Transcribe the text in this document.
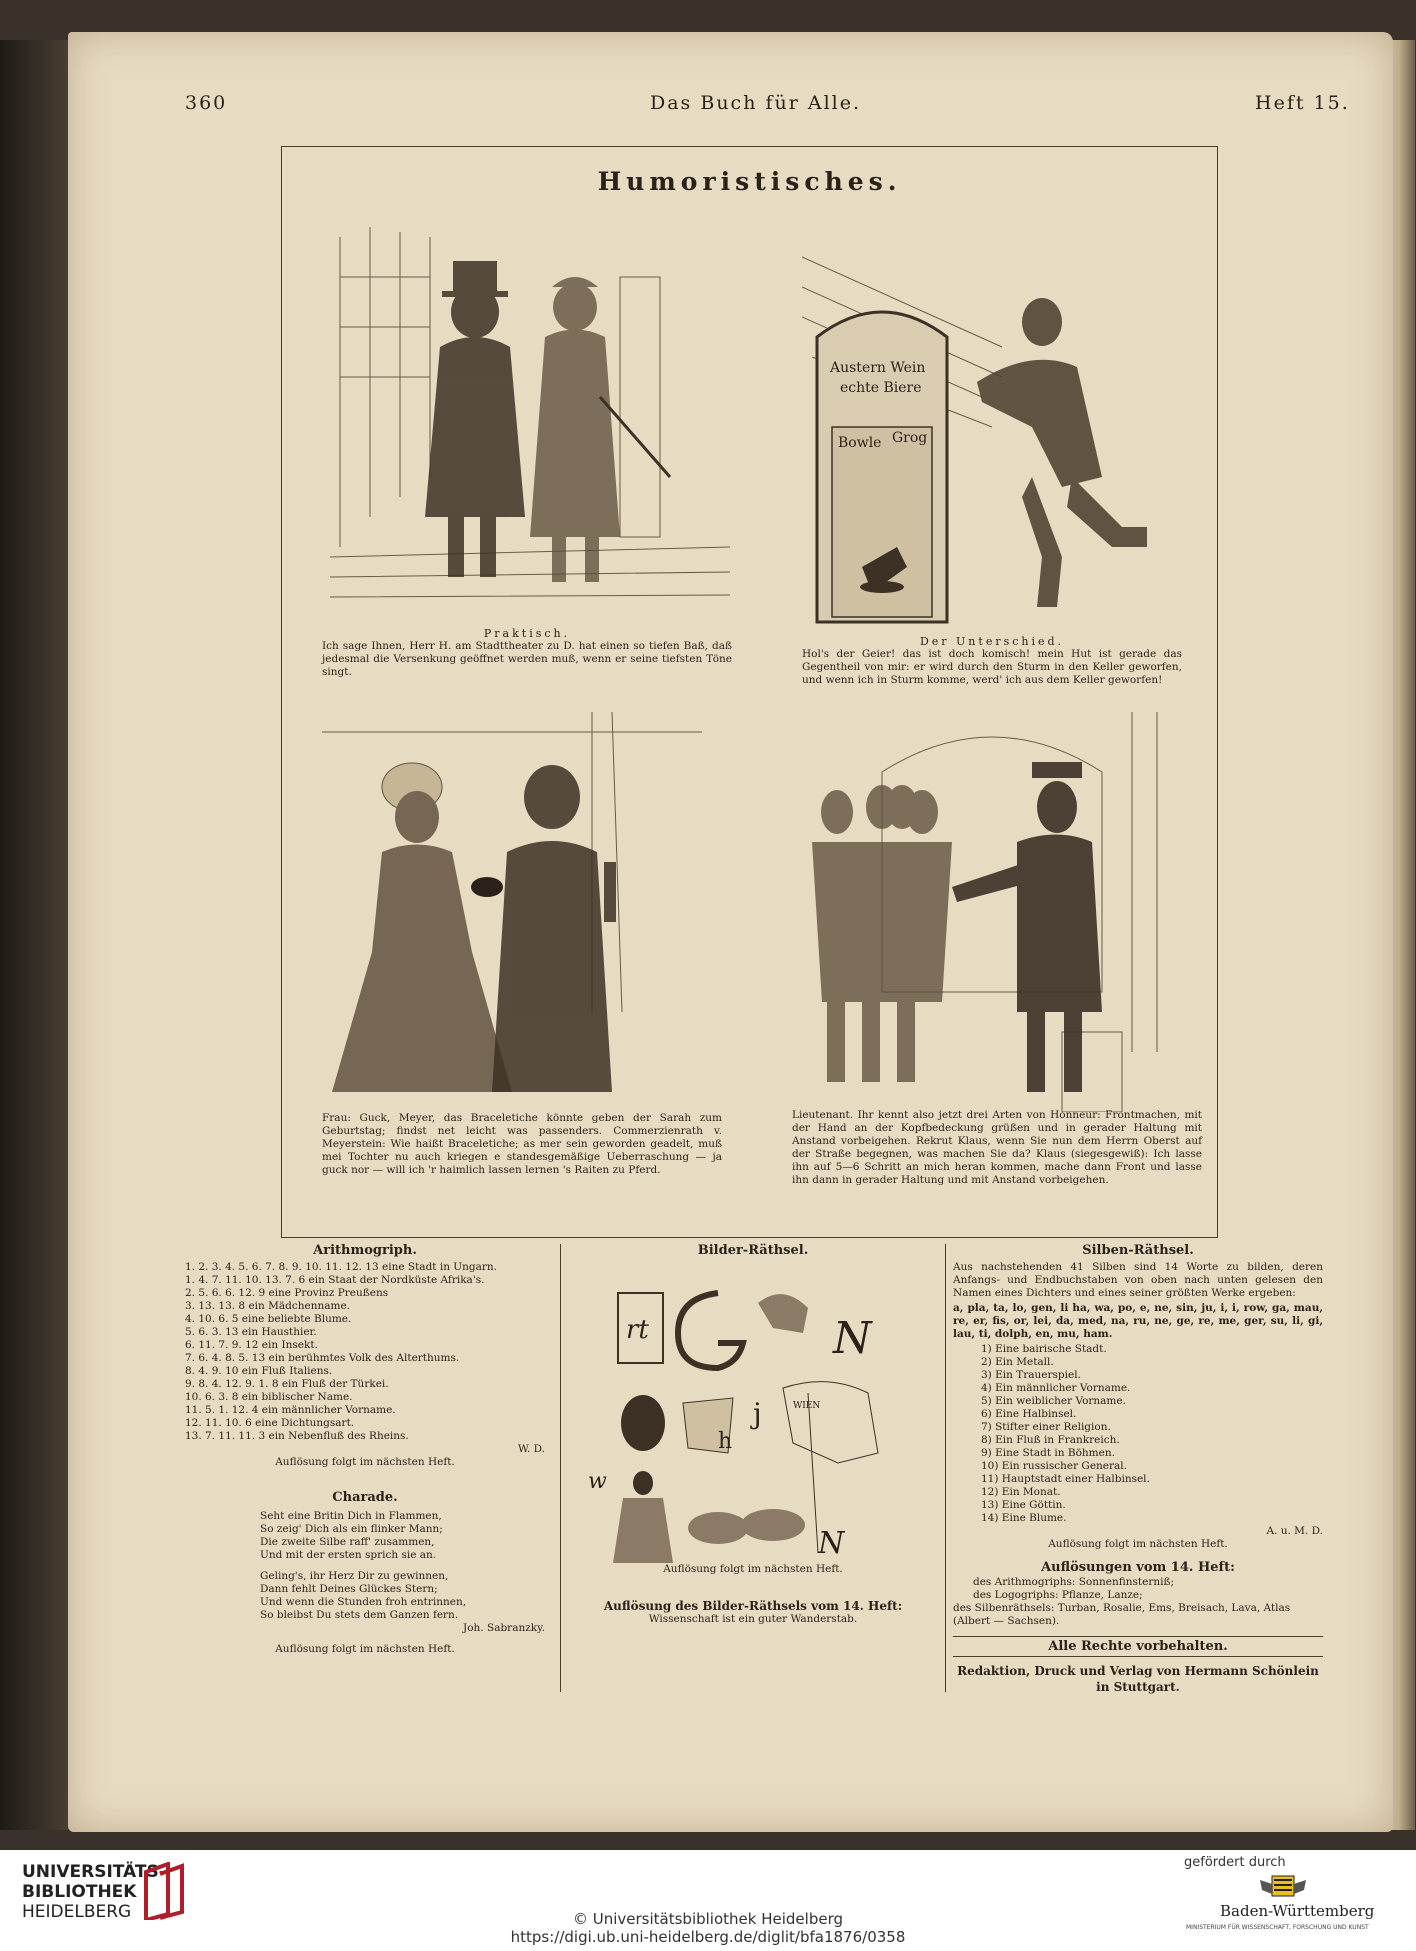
360	Das Buch für Alle.	Heft 15.
Humoristisches.
Praktisch.
Ich sage Ihnen, Herr H. am Stadttheater zu D. hat einen so tiefen Baß, daß jedesmal die Versenkung geöffnet werden muß, wenn er seine tiefsten Töne singt.
Austern Wein
echte Biere
Bowle Grog
Der Unterschied.
Hol's der Geier! das ist doch komisch! mein Hut ist gerade das Gegentheil von mir: er wird durch den Sturm in den Keller geworfen, und wenn ich in Sturm komme, werd' ich aus dem Keller geworfen!
Frau: Guck, Meyer, das Braceletiche könnte geben der Sarah zum Geburtstag; findst net leicht was passenders. Commerzienrath v. Meyerstein: Wie haißt Braceletiche; as mer sein geworden geadelt, muß mei Tochter nu auch kriegen e standesgemäßige Ueberraschung — ja guck nor — will ich 'r haimlich lassen lernen 's Raiten zu Pferd.
Lieutenant. Ihr kennt also jetzt drei Arten von Honneur: Frontmachen, mit der Hand an der Kopfbedeckung grüßen und in gerader Haltung mit Anstand vorbeigehen. Rekrut Klaus, wenn Sie nun dem Herrn Oberst auf der Straße begegnen, was machen Sie da? Klaus (siegesgewiß): Ich lasse ihn auf 5—6 Schritt an mich heran kommen, mache dann Front und lasse ihn dann in gerader Haltung und mit Anstand vorbeigehen.
Arithmogriph.
1. 2. 3. 4. 5. 6. 7. 8. 9. 10. 11. 12. 13 eine Stadt in Ungarn.
1. 4. 7. 11. 10. 13. 7. 6 ein Staat der Nordküste Afrika's.
2. 5. 6. 6. 12. 9 eine Provinz Preußens
3. 13. 13. 8 ein Mädchenname.
4. 10. 6. 5 eine beliebte Blume.
5. 6. 3. 13 ein Hausthier.
6. 11. 7. 9. 12 ein Insekt.
7. 6. 4. 8. 5. 13 ein berühmtes Volk des Alterthums.
8. 4. 9. 10 ein Fluß Italiens.
9. 8. 4. 12. 9. 1. 8 ein Fluß der Türkei.
10. 6. 3. 8 ein biblischer Name.
11. 5. 1. 12. 4 ein männlicher Vorname.
12. 11. 10. 6 eine Dichtungsart.
13. 7. 11. 11. 3 ein Nebenfluß des Rheins.
W. D.
Auflösung folgt im nächsten Heft.
Charade.
Seht eine Britin Dich in Flammen,
So zeig' Dich als ein flinker Mann;
Die zweite Silbe raff' zusammen,
Und mit der ersten sprich sie an.
Geling's, ihr Herz Dir zu gewinnen,
Dann fehlt Deines Glückes Stern;
Und wenn die Stunden froh entrinnen,
So bleibst Du stets dem Ganzen fern.
Joh. Sabranzky.
Auflösung folgt im nächsten Heft.
Bilder-Räthsel.
rt	N
h
j	WIEN
w
N
Auflösung folgt im nächsten Heft.
Auflösung des Bilder-Räthsels vom 14. Heft:
Wissenschaft ist ein guter Wanderstab.
Silben-Räthsel.
Aus nachstehenden 41 Silben sind 14 Worte zu bilden, deren Anfangs- und Endbuchstaben von oben nach unten gelesen den Namen eines Dichters und eines seiner größten Werke ergeben:
a, pla, ta, lo, gen, li ha, wa, po, e, ne, sin, ju, i, i, row, ga, mau, re, er, fis, or, lei, da, med, na, ru, ne, ge, re, me, ger, su, li, gi, lau, ti, dolph, en, mu, ham.
1) Eine bairische Stadt.
2) Ein Metall.
3) Ein Trauerspiel.
4) Ein männlicher Vorname.
5) Ein weiblicher Vorname.
6) Eine Halbinsel.
7) Stifter einer Religion.
8) Ein Fluß in Frankreich.
9) Eine Stadt in Böhmen.
10) Ein russischer General.
11) Hauptstadt einer Halbinsel.
12) Ein Monat.
13) Eine Göttin.
14) Eine Blume.
A. u. M. D.
Auflösung folgt im nächsten Heft.
Auflösungen vom 14. Heft:
des Arithmogriphs: Sonnenfinsterniß;
des Logogriphs: Pflanze, Lanze;
des Silbenräthsels: Turban, Rosalie, Ems, Breisach, Lava, Atlas (Albert — Sachsen).
Alle Rechte vorbehalten.
Redaktion, Druck und Verlag von Hermann Schönlein
in Stuttgart.
UNIVERSITÄTS-
BIBLIOTHEK
HEIDELBERG	© Universitätsbibliothek Heidelberg
https://digi.ub.uni-heidelberg.de/diglit/bfa1876/0358
gefördert durch
Baden-Württemberg
MINISTERIUM FÜR WISSENSCHAFT, FORSCHUNG UND KUNST
